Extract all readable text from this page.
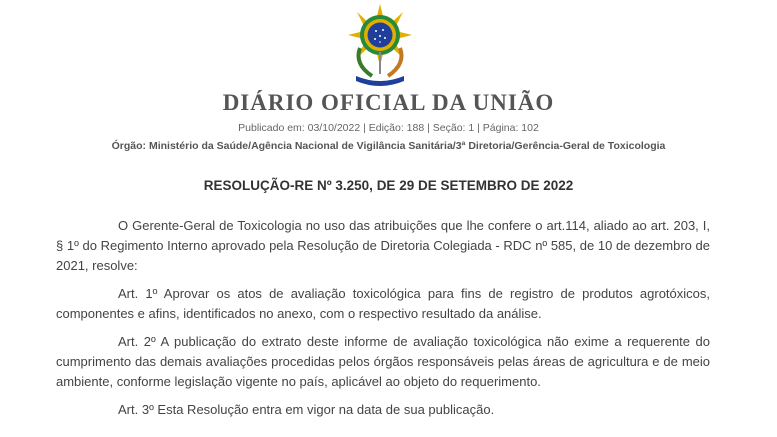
DIÁRIO OFICIAL DA UNIÃO
Publicado em: 03/10/2022 | Edição: 188 | Seção: 1 | Página: 102
Órgão: Ministério da Saúde/Agência Nacional de Vigilância Sanitária/3ª Diretoria/Gerência-Geral de Toxicologia
RESOLUÇÃO-RE Nº 3.250, DE 29 DE SETEMBRO DE 2022

O Gerente-Geral de Toxicologia no uso das atribuições que lhe confere o art.114, aliado ao art. 203, I, § 1º do Regimento Interno aprovado pela Resolução de Diretoria Colegiada - RDC nº 585, de 10 de dezembro de 2021, resolve:

Art. 1º Aprovar os atos de avaliação toxicológica para fins de registro de produtos agrotóxicos, componentes e afins, identificados no anexo, com o respectivo resultado da análise.

Art. 2º A publicação do extrato deste informe de avaliação toxicológica não exime a requerente do cumprimento das demais avaliações procedidas pelos órgãos responsáveis pelas áreas de agricultura e de meio ambiente, conforme legislação vigente no país, aplicável ao objeto do requerimento.

Art. 3º Esta Resolução entra em vigor na data de sua publicação.
